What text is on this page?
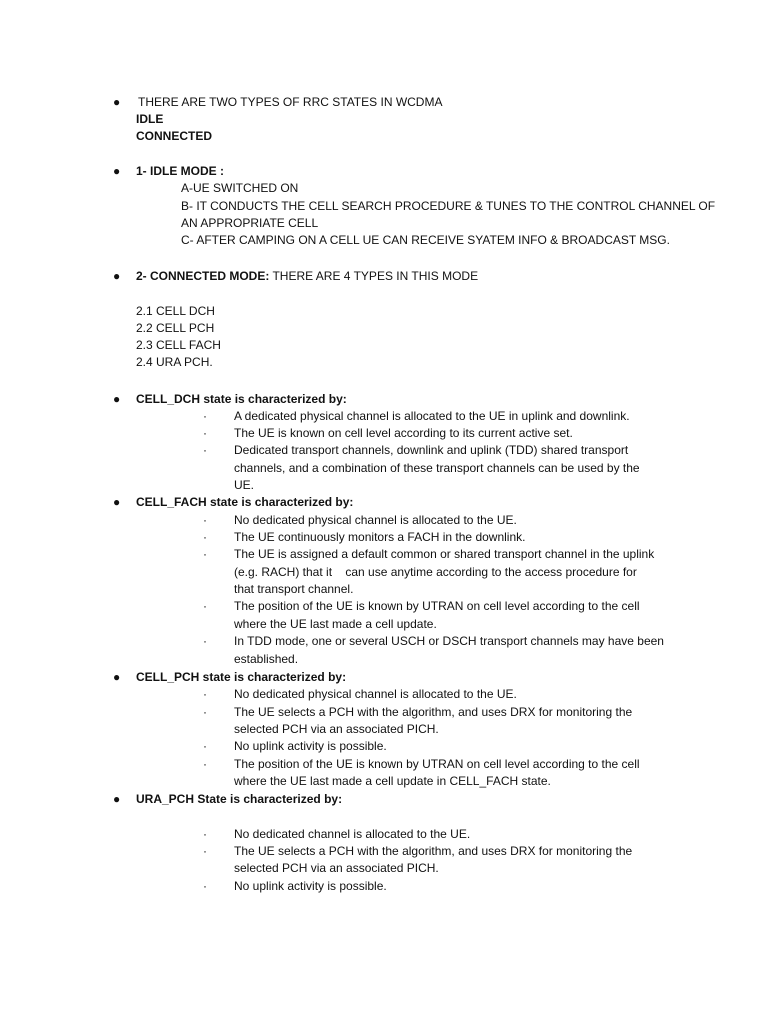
● THERE ARE TWO TYPES OF RRC STATES IN WCDMA
IDLE
CONNECTED
● 1- IDLE MODE :
A-UE SWITCHED ON
B- IT CONDUCTS THE CELL SEARCH PROCEDURE & TUNES TO THE CONTROL CHANNEL OF
AN APPROPRIATE CELL
C- AFTER CAMPING ON A CELL UE CAN RECEIVE SYATEM INFO & BROADCAST MSG.
● 2- CONNECTED MODE: THERE ARE 4 TYPES IN THIS MODE
2.1 CELL DCH
2.2 CELL PCH
2.3 CELL FACH
2.4 URA PCH.
● CELL_DCH state is characterized by:
· A dedicated physical channel is allocated to the UE in uplink and downlink.
· The UE is known on cell level according to its current active set.
· Dedicated transport channels, downlink and uplink (TDD) shared transport
channels, and a combination of these transport channels can be used by the
UE.
● CELL_FACH state is characterized by:
· No dedicated physical channel is allocated to the UE.
· The UE continuously monitors a FACH in the downlink.
· The UE is assigned a default common or shared transport channel in the uplink
(e.g. RACH) that it    can use anytime according to the access procedure for
that transport channel.
· The position of the UE is known by UTRAN on cell level according to the cell
where the UE last made a cell update.
· In TDD mode, one or several USCH or DSCH transport channels may have been
established.
● CELL_PCH state is characterized by:
· No dedicated physical channel is allocated to the UE.
· The UE selects a PCH with the algorithm, and uses DRX for monitoring the
selected PCH via an associated PICH.
· No uplink activity is possible.
· The position of the UE is known by UTRAN on cell level according to the cell
where the UE last made a cell update in CELL_FACH state.
● URA_PCH State is characterized by:
· No dedicated channel is allocated to the UE.
· The UE selects a PCH with the algorithm, and uses DRX for monitoring the
selected PCH via an associated PICH.
· No uplink activity is possible.
